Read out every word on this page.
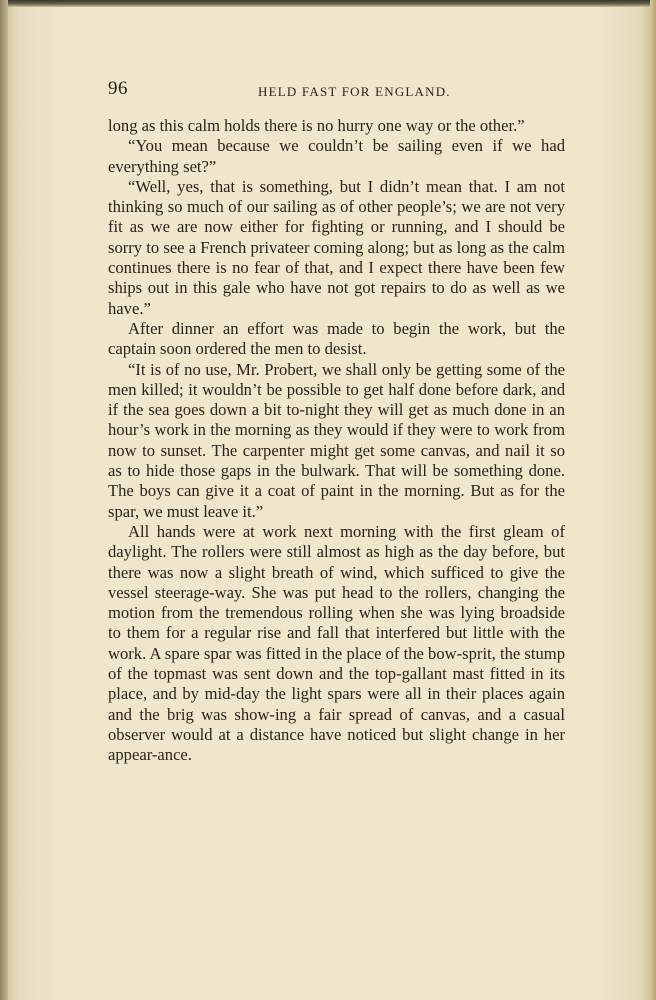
96	HELD FAST FOR ENGLAND.

long as this calm holds there is no hurry one way or the other.”

“You mean because we couldn’t be sailing even if we had everything set?”

“Well, yes, that is something, but I didn’t mean that. I am not thinking so much of our sailing as of other people’s; we are not very fit as we are now either for fighting or running, and I should be sorry to see a French privateer coming along; but as long as the calm continues there is no fear of that, and I expect there have been few ships out in this gale who have not got repairs to do as well as we have.”

After dinner an effort was made to begin the work, but the captain soon ordered the men to desist.

“It is of no use, Mr. Probert, we shall only be getting some of the men killed; it wouldn’t be possible to get half done before dark, and if the sea goes down a bit to-night they will get as much done in an hour’s work in the morning as they would if they were to work from now to sunset. The carpenter might get some canvas, and nail it so as to hide those gaps in the bulwark. That will be something done. The boys can give it a coat of paint in the morning. But as for the spar, we must leave it.”

All hands were at work next morning with the first gleam of daylight. The rollers were still almost as high as the day before, but there was now a slight breath of wind, which sufficed to give the vessel steerage-way. She was put head to the rollers, changing the motion from the tremendous rolling when she was lying broadside to them for a regular rise and fall that interfered but little with the work. A spare spar was fitted in the place of the bow-sprit, the stump of the topmast was sent down and the top-gallant mast fitted in its place, and by mid-day the light spars were all in their places again and the brig was show-ing a fair spread of canvas, and a casual observer would at a distance have noticed but slight change in her appear-ance.
